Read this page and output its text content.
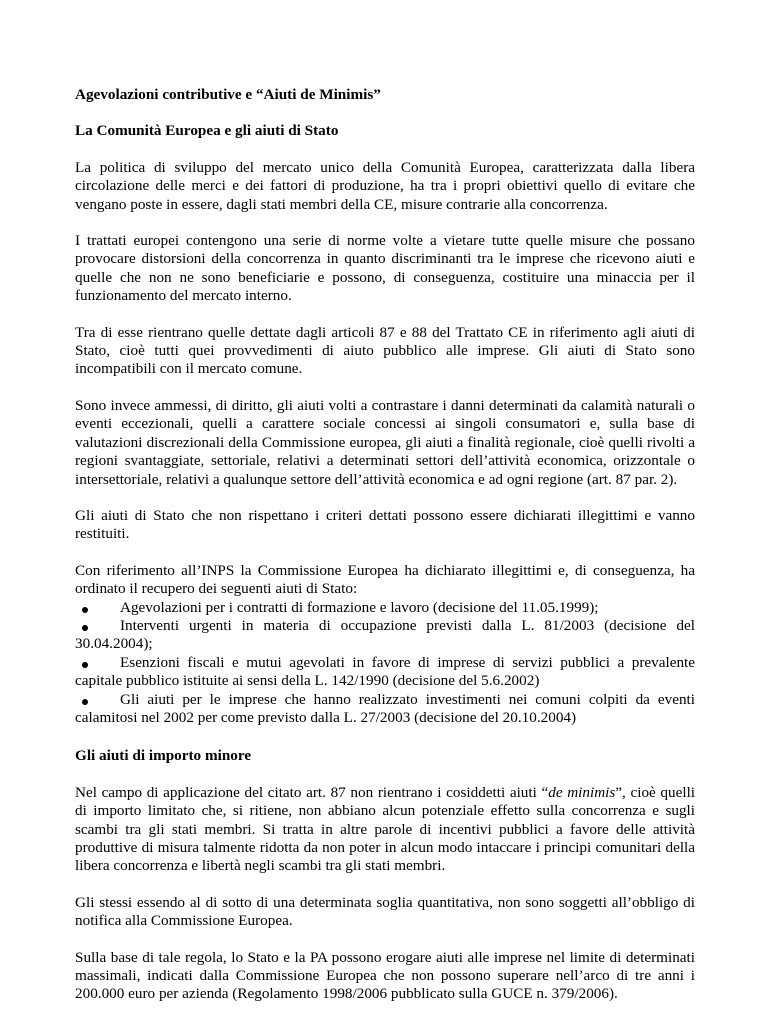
Agevolazioni contributive e “Aiuti de Minimis”

La Comunità Europea e gli aiuti di Stato

La politica di sviluppo del mercato unico della Comunità Europea, caratterizzata dalla libera circolazione delle merci e dei fattori di produzione, ha tra i propri obiettivi quello di evitare che vengano poste in essere, dagli stati membri della CE, misure contrarie alla concorrenza.

I trattati europei contengono una serie di norme volte a vietare tutte quelle misure che possano provocare distorsioni della concorrenza in quanto discriminanti tra le imprese che ricevono aiuti e quelle che non ne sono beneficiarie e possono, di conseguenza, costituire una minaccia per il funzionamento del mercato interno.

Tra di esse rientrano quelle dettate dagli articoli 87 e 88 del Trattato CE in riferimento agli aiuti di Stato, cioè tutti quei provvedimenti di aiuto pubblico alle imprese. Gli aiuti di Stato sono incompatibili con il mercato comune.

Sono invece ammessi, di diritto, gli aiuti volti a contrastare i danni determinati da calamità naturali o eventi eccezionali, quelli a carattere sociale concessi ai singoli consumatori e, sulla base di valutazioni discrezionali della Commissione europea, gli aiuti a finalità regionale, cioè quelli rivolti a regioni svantaggiate, settoriale, relativi a determinati settori dell’attività economica, orizzontale o intersettoriale, relativi a qualunque settore dell’attività economica e ad ogni regione (art. 87 par. 2).

Gli aiuti di Stato che non rispettano i criteri dettati possono essere dichiarati illegittimi e vanno restituiti.

Con riferimento all’INPS la Commissione Europea ha dichiarato illegittimi e, di conseguenza, ha ordinato il recupero dei seguenti aiuti di Stato:

Agevolazioni per i contratti di formazione e lavoro (decisione del 11.05.1999);
Interventi urgenti in materia di occupazione previsti dalla L. 81/2003 (decisione del 30.04.2004);
Esenzioni fiscali e mutui agevolati in favore di imprese di servizi pubblici a prevalente capitale pubblico istituite ai sensi della L. 142/1990 (decisione del 5.6.2002)
Gli aiuti per le imprese che hanno realizzato investimenti nei comuni colpiti da eventi calamitosi nel 2002 per come previsto dalla L. 27/2003 (decisione del 20.10.2004)

Gli aiuti di importo minore

Nel campo di applicazione del citato art. 87 non rientrano i cosiddetti aiuti “de minimis”, cioè quelli di importo limitato che, si ritiene, non abbiano alcun potenziale effetto sulla concorrenza e sugli scambi tra gli stati membri. Si tratta in altre parole di incentivi pubblici a favore delle attività produttive di misura talmente ridotta da non poter in alcun modo intaccare i principi comunitari della libera concorrenza e libertà negli scambi tra gli stati membri.

Gli stessi essendo al di sotto di una determinata soglia quantitativa, non sono soggetti all’obbligo di notifica alla Commissione Europea.

Sulla base di tale regola, lo Stato e la PA possono erogare aiuti alle imprese nel limite di determinati massimali, indicati dalla Commissione Europea che non possono superare nell’arco di tre anni i 200.000 euro per azienda (Regolamento 1998/2006 pubblicato sulla GUCE n. 379/2006).
